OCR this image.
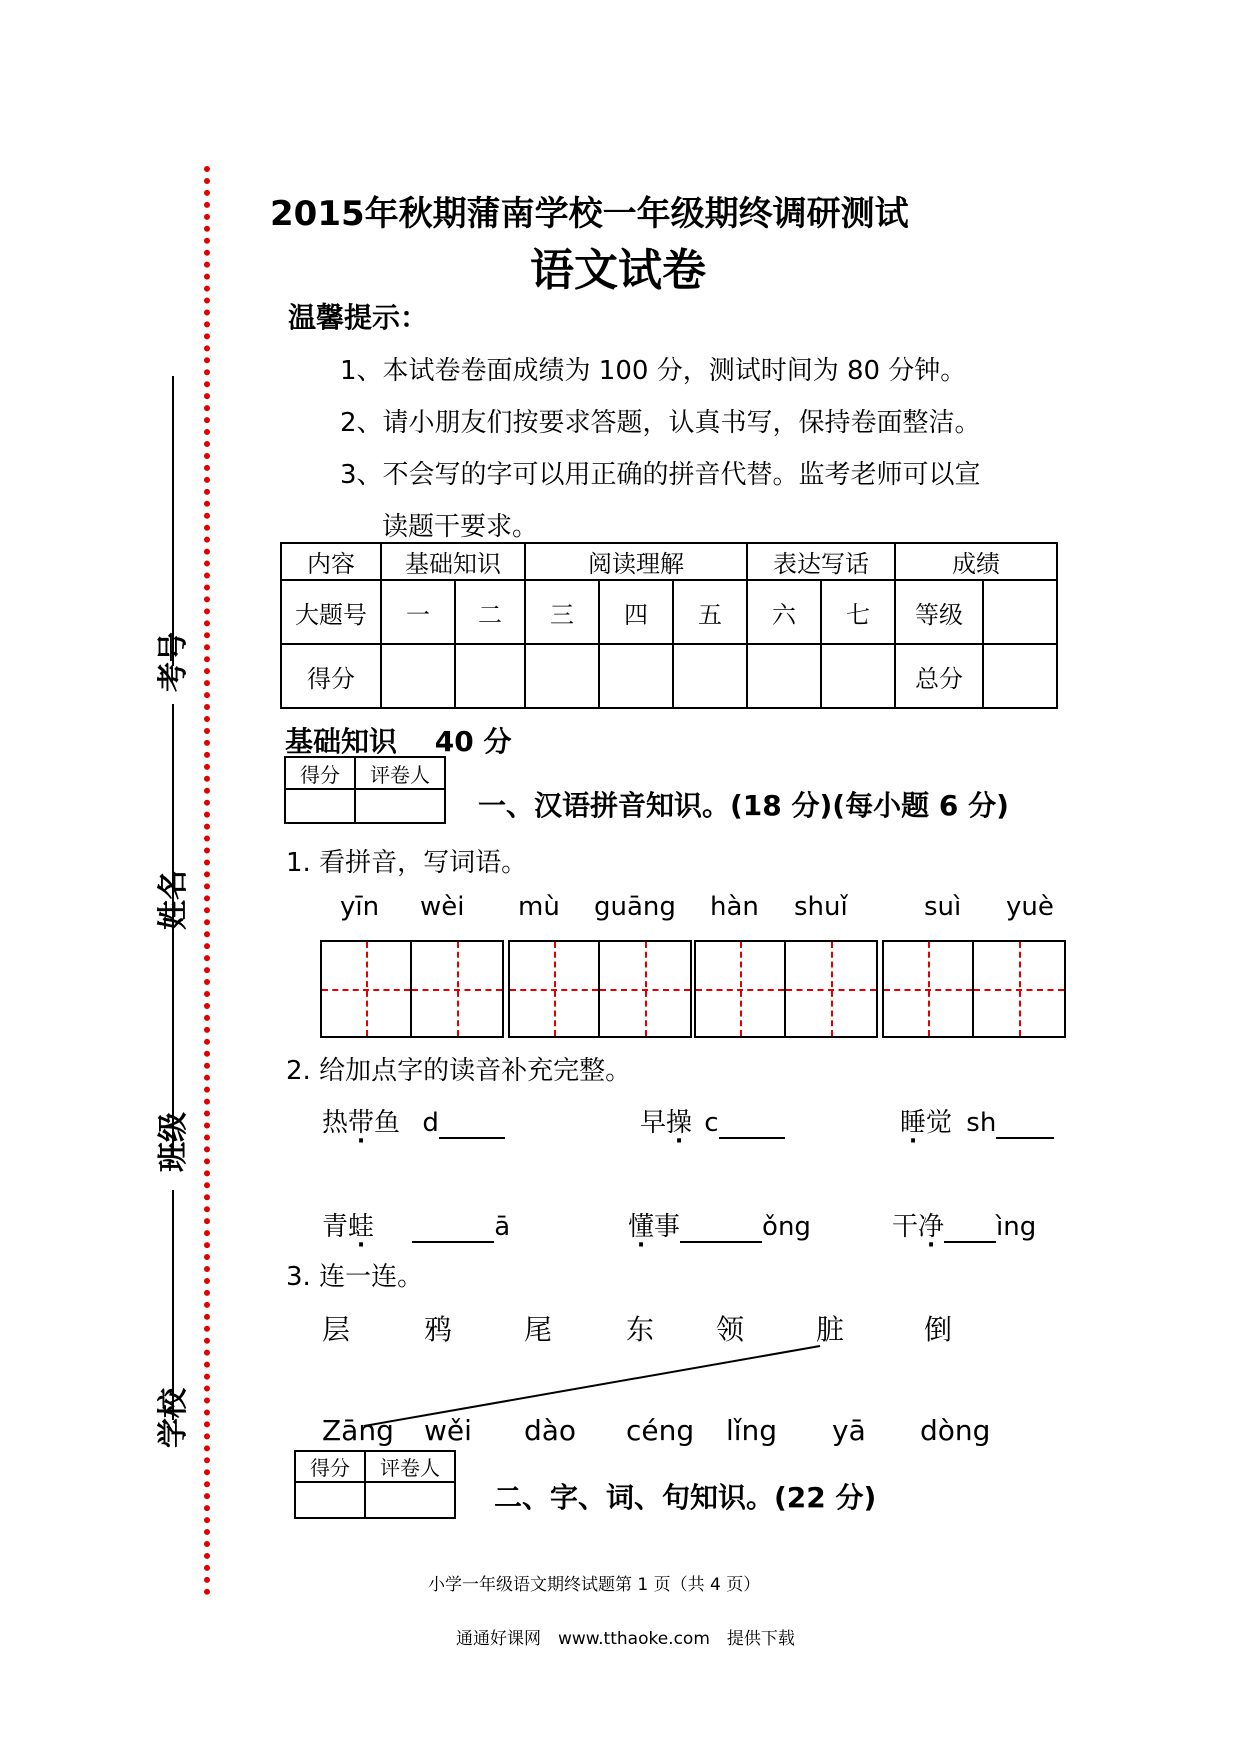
考号
姓名
班级
学校
2015年秋期蒲南学校一年级期终调研测试
语文试卷
温馨提示：
1、本试卷卷面成绩为 100 分，测试时间为 80 分钟。
2、请小朋友们按要求答题，认真书写，保持卷面整洁。
3、不会写的字可以用正确的拼音代替。监考老师可以宣
读题干要求。
内容	基础知识		阅读理解			表达写话		成绩	
大题号	一	二	三	四	五	六	七	等级	
得分								总分	
基础知识　 40 分
得分	评卷人

一、汉语拼音知识。(18 分)(每小题 6 分)
1. 看拼音，写词语。
yīn wèi mù guāng hàn shuǐ	suì yuè
2. 给加点字的读音补充完整。
热带鱼 d	早操 c	睡觉 sh
青蛙	ā	懂事	ǒng	干净 ìng
3. 连一连。
层	鸦	尾	东 领	脏	倒
Zāng wěi dào céng lǐng yā dòng
得分	评卷人

二、字、词、句知识。(22 分)
小学一年级语文期终试题第 1 页（共 4 页）
通通好课网　www.tthaoke.com　提供下载
